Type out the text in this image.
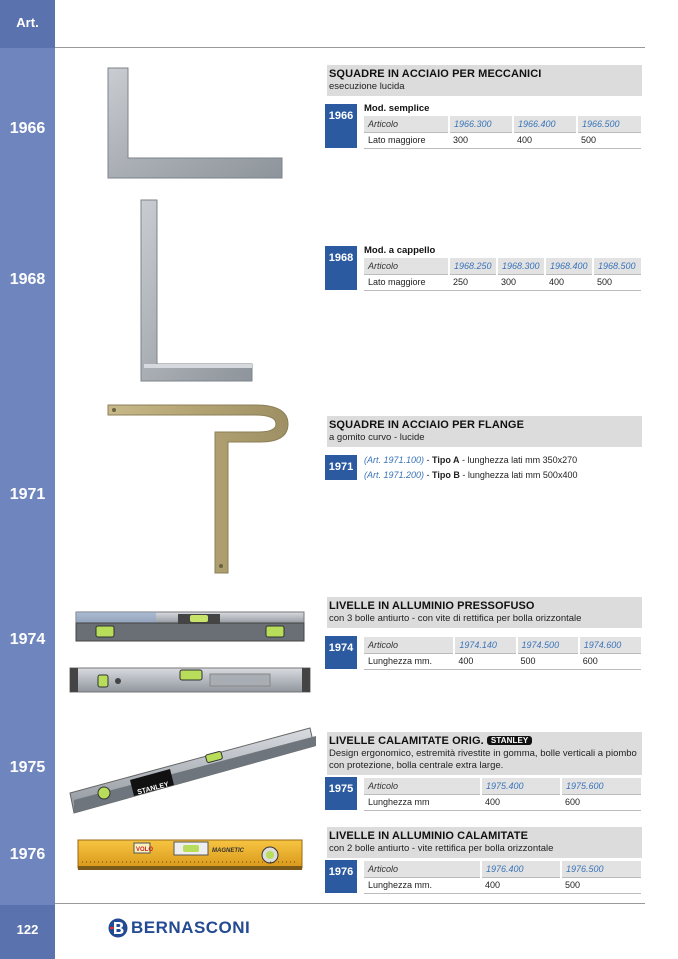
Art.
1966
1968
1971
1974
1975
1976
122
STANLEY
VOLO	MAGNETIC
SQUADRE IN ACCIAIO PER MECCANICI
esecuzione lucida
Mod. semplice
1966
Articolo	1966.300	1966.400	1966.500
Lato maggiore	300	400	500
Mod. a cappello
1968
Articolo	1968.250	1968.300	1968.400	1968.500
Lato maggiore	250	300	400	500
SQUADRE IN ACCIAIO PER FLANGE
a gomito curvo - lucide
1971
(Art. 1971.100) - Tipo A - lunghezza lati mm 350x270
(Art. 1971.200) - Tipo B - lunghezza lati mm 500x400
LIVELLE IN ALLUMINIO PRESSOFUSO
con 3 bolle antiurto - con vite di rettifica per bolla orizzontale
1974	Articolo	1974.140	1974.500	1974.600
Lunghezza mm.	400	500	600
LIVELLE CALAMITATE ORIG. STANLEY
Design ergonomico, estremità rivestite in gomma, bolle verticali a piombo con protezione, bolla centrale extra large.
1975	Articolo	1975.400	1975.600
Lunghezza mm	400	600
LIVELLE IN ALLUMINIO CALAMITATE
con 2 bolle antiurto - vite rettifica per bolla orizzontale
1976	Articolo	1976.400	1976.500
Lunghezza mm.	400	500
BERNASCONI
